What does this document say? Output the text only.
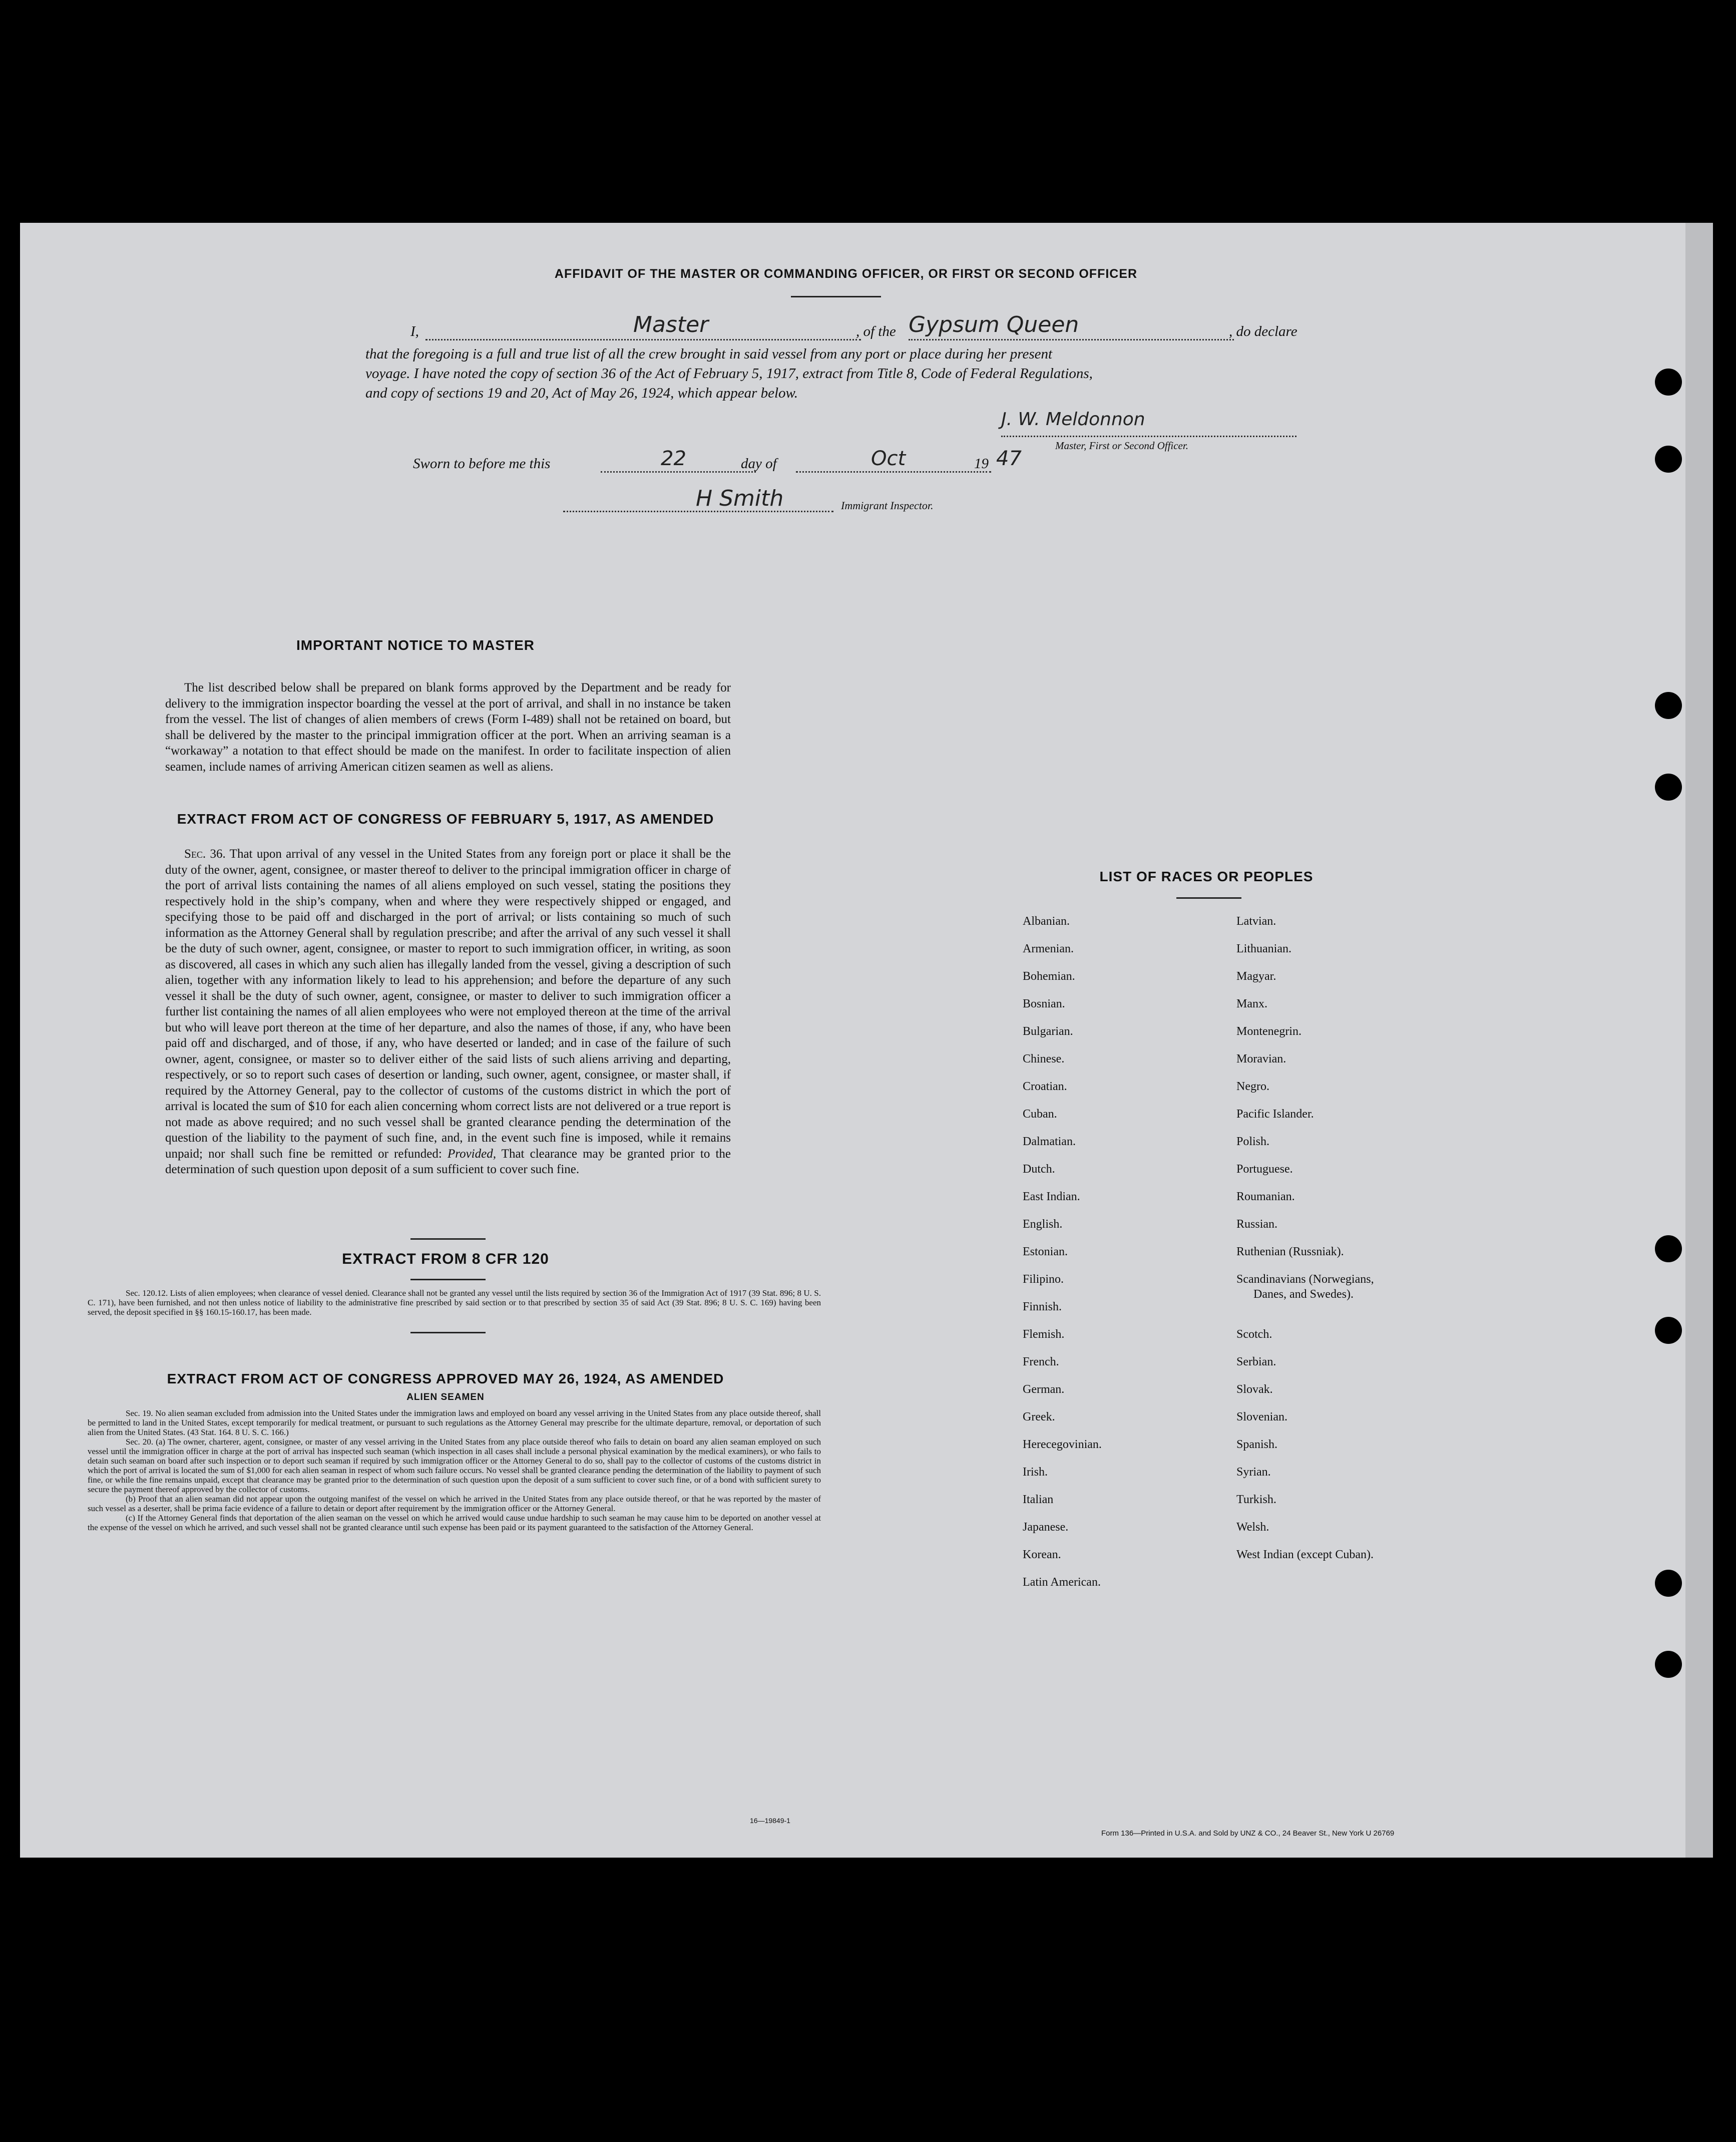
AFFIDAVIT OF THE MASTER OR COMMANDING OFFICER, OR FIRST OR SECOND OFFICER
I,	Master	, of the Gypsum Queen	, do declare
that the foregoing is a full and true list of all the crew brought in said vessel from any port or place during her present
voyage. I have noted the copy of section 36 of the Act of February 5, 1917, extract from Title 8, Code of Federal Regulations,
and copy of sections 19 and 20, Act of May 26, 1924, which appear below.
J. W. Meldonnon
Master, First or Second Officer.
Sworn to before me this	22	day of	Oct	19 47
H Smith	Immigrant Inspector.
IMPORTANT NOTICE TO MASTER
The list described below shall be prepared on blank forms approved by the Department and be ready for delivery to the immigration inspector boarding the vessel at the port of arrival, and shall in no instance be taken from the vessel. The list of changes of alien members of crews (Form I-489) shall not be retained on board, but shall be delivered by the master to the principal immigration officer at the port. When an arriving seaman is a “workaway” a notation to that effect should be made on the manifest. In order to facilitate inspection of alien seamen, include names of arriving American citizen seamen as well as aliens.
EXTRACT FROM ACT OF CONGRESS OF FEBRUARY 5, 1917, AS AMENDED
Sec. 36. That upon arrival of any vessel in the United States from any foreign port or place it shall be the duty of the owner, agent, consignee, or master thereof to deliver to the principal immigration officer in charge of the port of arrival lists containing the names of all aliens employed on such vessel, stating the positions they respectively hold in the ship’s company, when and where they were respectively shipped or engaged, and specifying those to be paid off and discharged in the port of arrival; or lists containing so much of such information as the Attorney General shall by regulation prescribe; and after the arrival of any such vessel it shall be the duty of such owner, agent, consignee, or master to report to such immigration officer, in writing, as soon as discovered, all cases in which any such alien has illegally landed from the vessel, giving a description of such alien, together with any information likely to lead to his apprehension; and before the departure of any such vessel it shall be the duty of such owner, agent, consignee, or master to deliver to such immigration officer a further list containing the names of all alien employees who were not employed thereon at the time of the arrival but who will leave port thereon at the time of her departure, and also the names of those, if any, who have been paid off and discharged, and of those, if any, who have deserted or landed; and in case of the failure of such owner, agent, consignee, or master so to deliver either of the said lists of such aliens arriving and departing, respectively, or so to report such cases of desertion or landing, such owner, agent, consignee, or master shall, if required by the Attorney General, pay to the collector of customs of the customs district in which the port of arrival is located the sum of $10 for each alien concerning whom correct lists are not delivered or a true report is not made as above required; and no such vessel shall be granted clearance pending the determination of the question of the liability to the payment of such fine, and, in the event such fine is imposed, while it remains unpaid; nor shall such fine be remitted or refunded: Provided, That clearance may be granted prior to the determination of such question upon deposit of a sum sufficient to cover such fine.
EXTRACT FROM 8 CFR 120
Sec. 120.12. Lists of alien employees; when clearance of vessel denied. Clearance shall not be granted any vessel until the lists required by section 36 of the Immigration Act of 1917 (39 Stat. 896; 8 U. S. C. 171), have been furnished, and not then unless notice of liability to the administrative fine prescribed by said section or to that prescribed by section 35 of said Act (39 Stat. 896; 8 U. S. C. 169) having been served, the deposit specified in §§ 160.15-160.17, has been made.
EXTRACT FROM ACT OF CONGRESS APPROVED MAY 26, 1924, AS AMENDED
ALIEN SEAMEN
Sec. 19. No alien seaman excluded from admission into the United States under the immigration laws and employed on board any vessel arriving in the United States from any place outside thereof, shall be permitted to land in the United States, except temporarily for medical treatment, or pursuant to such regulations as the Attorney General may prescribe for the ultimate departure, removal, or deportation of such alien from the United States. (43 Stat. 164. 8 U. S. C. 166.)
Sec. 20. (a) The owner, charterer, agent, consignee, or master of any vessel arriving in the United States from any place outside thereof who fails to detain on board any alien seaman employed on such vessel until the immigration officer in charge at the port of arrival has inspected such seaman (which inspection in all cases shall include a personal physical examination by the medical examiners), or who fails to detain such seaman on board after such inspection or to deport such seaman if required by such immigration officer or the Attorney General to do so, shall pay to the collector of customs of the customs district in which the port of arrival is located the sum of $1,000 for each alien seaman in respect of whom such failure occurs. No vessel shall be granted clearance pending the determination of the liability to payment of such fine, or while the fine remains unpaid, except that clearance may be granted prior to the determination of such question upon the deposit of a sum sufficient to cover such fine, or of a bond with sufficient surety to secure the payment thereof approved by the collector of customs.
(b) Proof that an alien seaman did not appear upon the outgoing manifest of the vessel on which he arrived in the United States from any place outside thereof, or that he was reported by the master of such vessel as a deserter, shall be prima facie evidence of a failure to detain or deport after requirement by the immigration officer or the Attorney General.
(c) If the Attorney General finds that deportation of the alien seaman on the vessel on which he arrived would cause undue hardship to such seaman he may cause him to be deported on another vessel at the expense of the vessel on which he arrived, and such vessel shall not be granted clearance until such expense has been paid or its payment guaranteed to the satisfaction of the Attorney General.
16—19849-1
LIST OF RACES OR PEOPLES
Albanian.
Armenian.
Bohemian.
Bosnian.
Bulgarian.
Chinese.
Croatian.
Cuban.
Dalmatian.
Dutch.
East Indian.
English.
Estonian.
Filipino.
Finnish.
Flemish.
French.
German.
Greek.
Herecegovinian.
Irish.
Italian
Japanese.
Korean.
Latin American.
Latvian.
Lithuanian.
Magyar.
Manx.
Montenegrin.
Moravian.
Negro.
Pacific Islander.
Polish.
Portuguese.
Roumanian.
Russian.
Ruthenian (Russniak).
Scandinavians (Norwegians,
Danes, and Swedes).
Scotch.
Serbian.
Slovak.
Slovenian.
Spanish.
Syrian.
Turkish.
Welsh.
West Indian (except Cuban).
Form 136—Printed in U.S.A. and Sold by UNZ & CO., 24 Beaver St., New York U 26769
